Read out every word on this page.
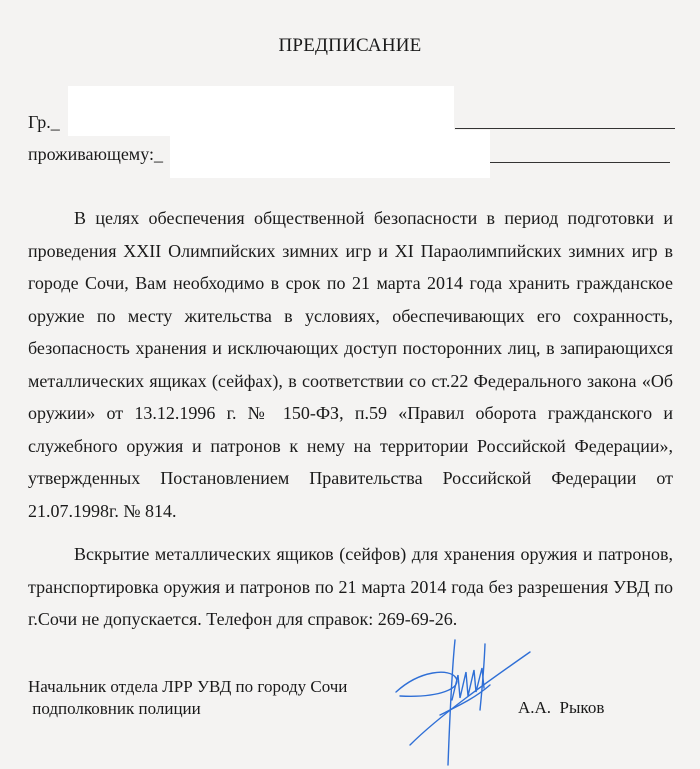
ПРЕДПИСАНИЕ
Гр._
проживающему:_

В целях обеспечения общественной безопасности в период подготовки и проведения XXII Олимпийских зимних игр и XI Параолимпийских зимних игр в городе Сочи, Вам необходимо в срок по 21 марта 2014 года хранить гражданское оружие по месту жительства в условиях, обеспечивающих его сохранность, безопасность хранения и исключающих доступ посторонних лиц, в запирающихся металлических ящиках (сейфах), в соответствии со ст.22 Федерального закона «Об оружии» от 13.12.1996 г. № 150-ФЗ, п.59 «Правил оборота гражданского и служебного оружия и патронов к нему на территории Российской Федерации», утвержденных Постановлением Правительства Российской Федерации от 21.07.1998г. № 814.

Вскрытие металлических ящиков (сейфов) для хранения оружия и патронов, транспортировка оружия и патронов по 21 марта 2014 года без разрешения УВД по г.Сочи не допускается. Телефон для справок: 269-69-26.

Начальник отдела ЛРР УВД по городу Сочи
подполковник полиции	А.А.  Рыков
